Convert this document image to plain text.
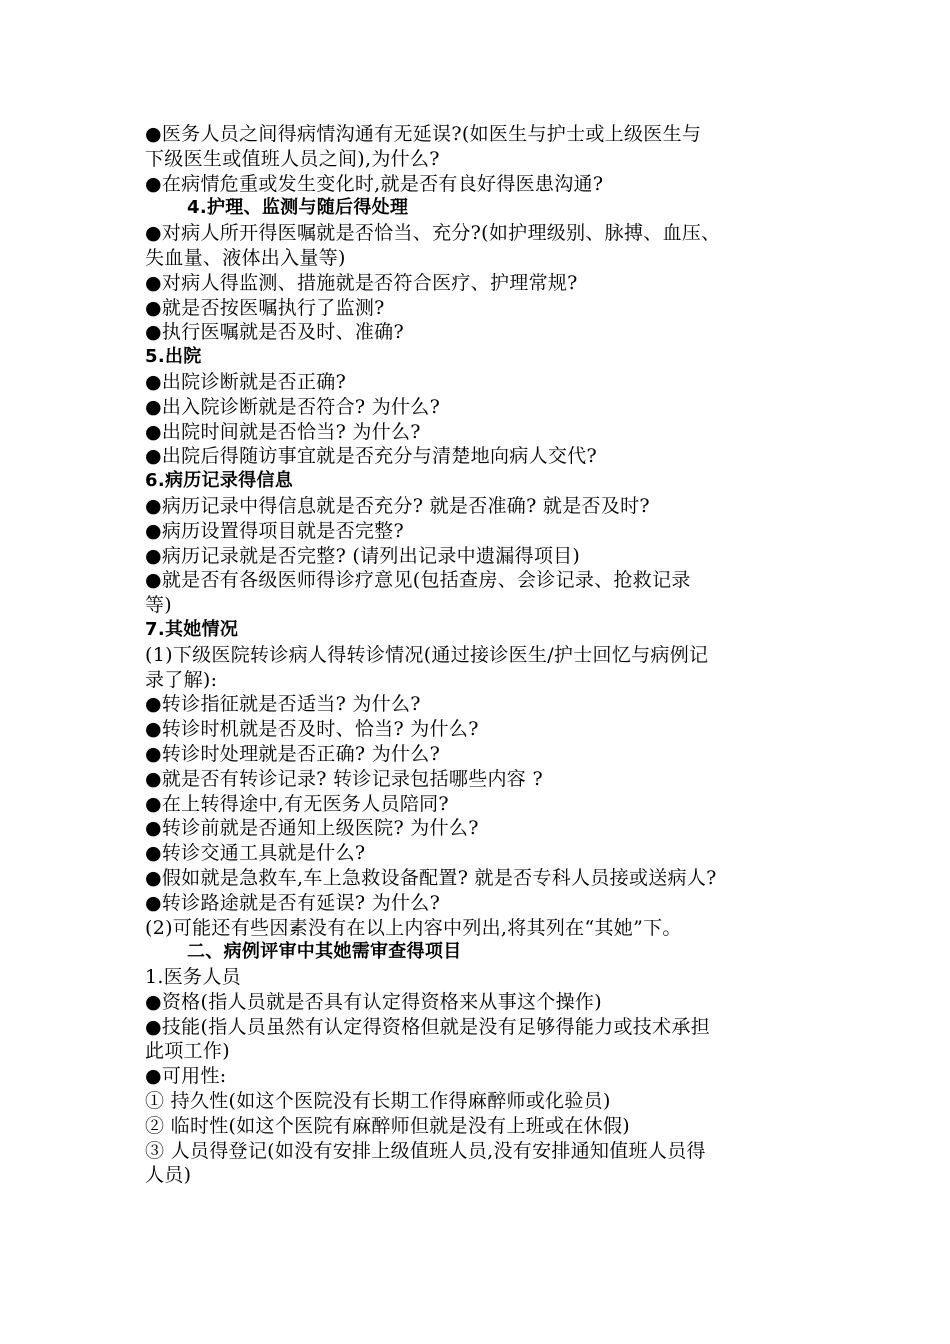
●医务人员之间得病情沟通有无延误?(如医生与护士或上级医生与
下级医生或值班人员之间),为什么?
●在病情危重或发生变化时,就是否有良好得医患沟通?
4.护理、监测与随后得处理
●对病人所开得医嘱就是否恰当、充分?(如护理级别、脉搏、血压、
失血量、液体出入量等)
●对病人得监测、措施就是否符合医疗、护理常规?
●就是否按医嘱执行了监测?
●执行医嘱就是否及时、准确?
5.出院
●出院诊断就是否正确?
●出入院诊断就是否符合? 为什么?
●出院时间就是否恰当? 为什么?
●出院后得随访事宜就是否充分与清楚地向病人交代?
6.病历记录得信息
●病历记录中得信息就是否充分? 就是否准确? 就是否及时?
●病历设置得项目就是否完整?
●病历记录就是否完整? (请列出记录中遗漏得项目)
●就是否有各级医师得诊疗意见(包括查房、会诊记录、抢救记录
等)
7.其她情况
(1)下级医院转诊病人得转诊情况(通过接诊医生/护士回忆与病例记
录了解):
●转诊指征就是否适当? 为什么?
●转诊时机就是否及时、恰当? 为什么?
●转诊时处理就是否正确? 为什么?
●就是否有转诊记录? 转诊记录包括哪些内容 ?
●在上转得途中,有无医务人员陪同?
●转诊前就是否通知上级医院? 为什么?
●转诊交通工具就是什么?
●假如就是急救车,车上急救设备配置? 就是否专科人员接或送病人?
●转诊路途就是否有延误? 为什么?
(2)可能还有些因素没有在以上内容中列出,将其列在“其她”下。
二、病例评审中其她需审查得项目
1.医务人员
●资格(指人员就是否具有认定得资格来从事这个操作)
●技能(指人员虽然有认定得资格但就是没有足够得能力或技术承担
此项工作)
●可用性:
① 持久性(如这个医院没有长期工作得麻醉师或化验员)
② 临时性(如这个医院有麻醉师但就是没有上班或在休假)
③ 人员得登记(如没有安排上级值班人员,没有安排通知值班人员得
人员)
